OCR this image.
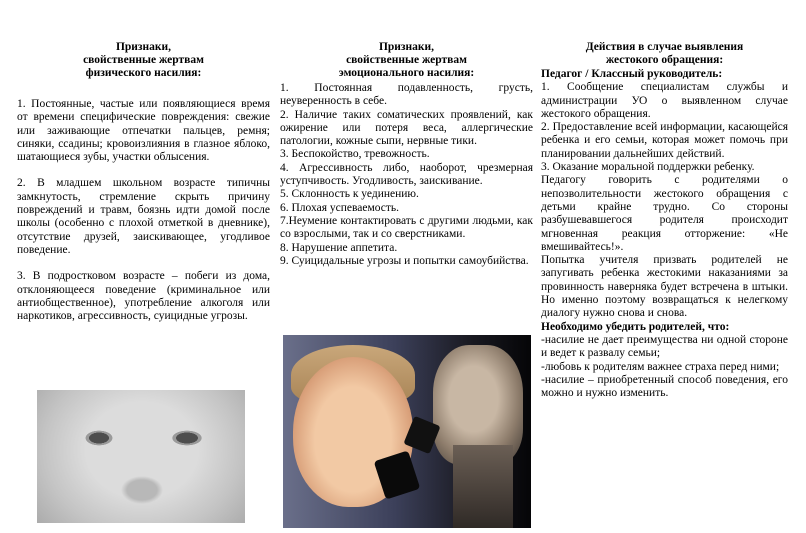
Признаки,
свойственные жертвам
физического насилия:

1. Постоянные, частые или появляющиеся время от времени специфические повреждения: свежие или заживающие отпечатки пальцев, ремня; синяки, ссадины; кровоизлияния в глазное яблоко, шатающиеся зубы, участки облысения.

2. В младшем школьном возрасте типичны замкнутость, стремление скрыть причину повреждений и травм, боязнь идти домой после школы (особенно с плохой отметкой в дневнике), отсутствие друзей, заискивающее, угодливое поведение.

3. В подростковом возрасте – побеги из дома, отклоняющееся поведение (криминальное или антиобщественное), употребление алкоголя или наркотиков, агрессивность, суицидные угрозы.

Признаки,
свойственные жертвам
эмоционального насилия:

1. Постоянная подавленность, грусть, неуверенность в себе.

2. Наличие таких соматических проявлений, как ожирение или потеря веса, аллергические патологии, кожные сыпи, нервные тики.

3. Беспокойство, тревожность.

4. Агрессивность либо, наоборот, чрезмерная уступчивость. Угодливость, заискивание.

5. Склонность к уединению.

6. Плохая успеваемость.

7.Неумение контактировать с другими людьми, как со взрослыми, так и со сверстниками.

8. Нарушение аппетита.

9. Суицидальные угрозы и попытки самоубийства.

Действия в случае выявления
жестокого обращения:
Педагог / Классный руководитель:

1. Сообщение специалистам службы и администрации УО о выявленном случае жестокого обращения.

2. Предоставление всей информации, касающейся ребенка и его семьи, которая может помочь при планировании дальнейших действий.

3. Оказание моральной поддержки ребенку.

Педагогу говорить с родителями о непозволительности жестокого обращения с детьми крайне трудно. Со стороны разбушевавшегося родителя происходит мгновенная реакция отторжение: «Не вмешивайтесь!».

Попытка учителя призвать родителей не запугивать ребенка жестокими наказаниями за провинность наверняка будет встречена в штыки. Но именно поэтому возвращаться к нелегкому диалогу нужно снова и снова.

Необходимо убедить родителей, что:

-насилие не дает преимущества ни одной стороне и ведет к развалу семьи;

-любовь к родителям важнее страха перед ними;

-насилие – приобретенный способ поведения, его можно и нужно изменить.
